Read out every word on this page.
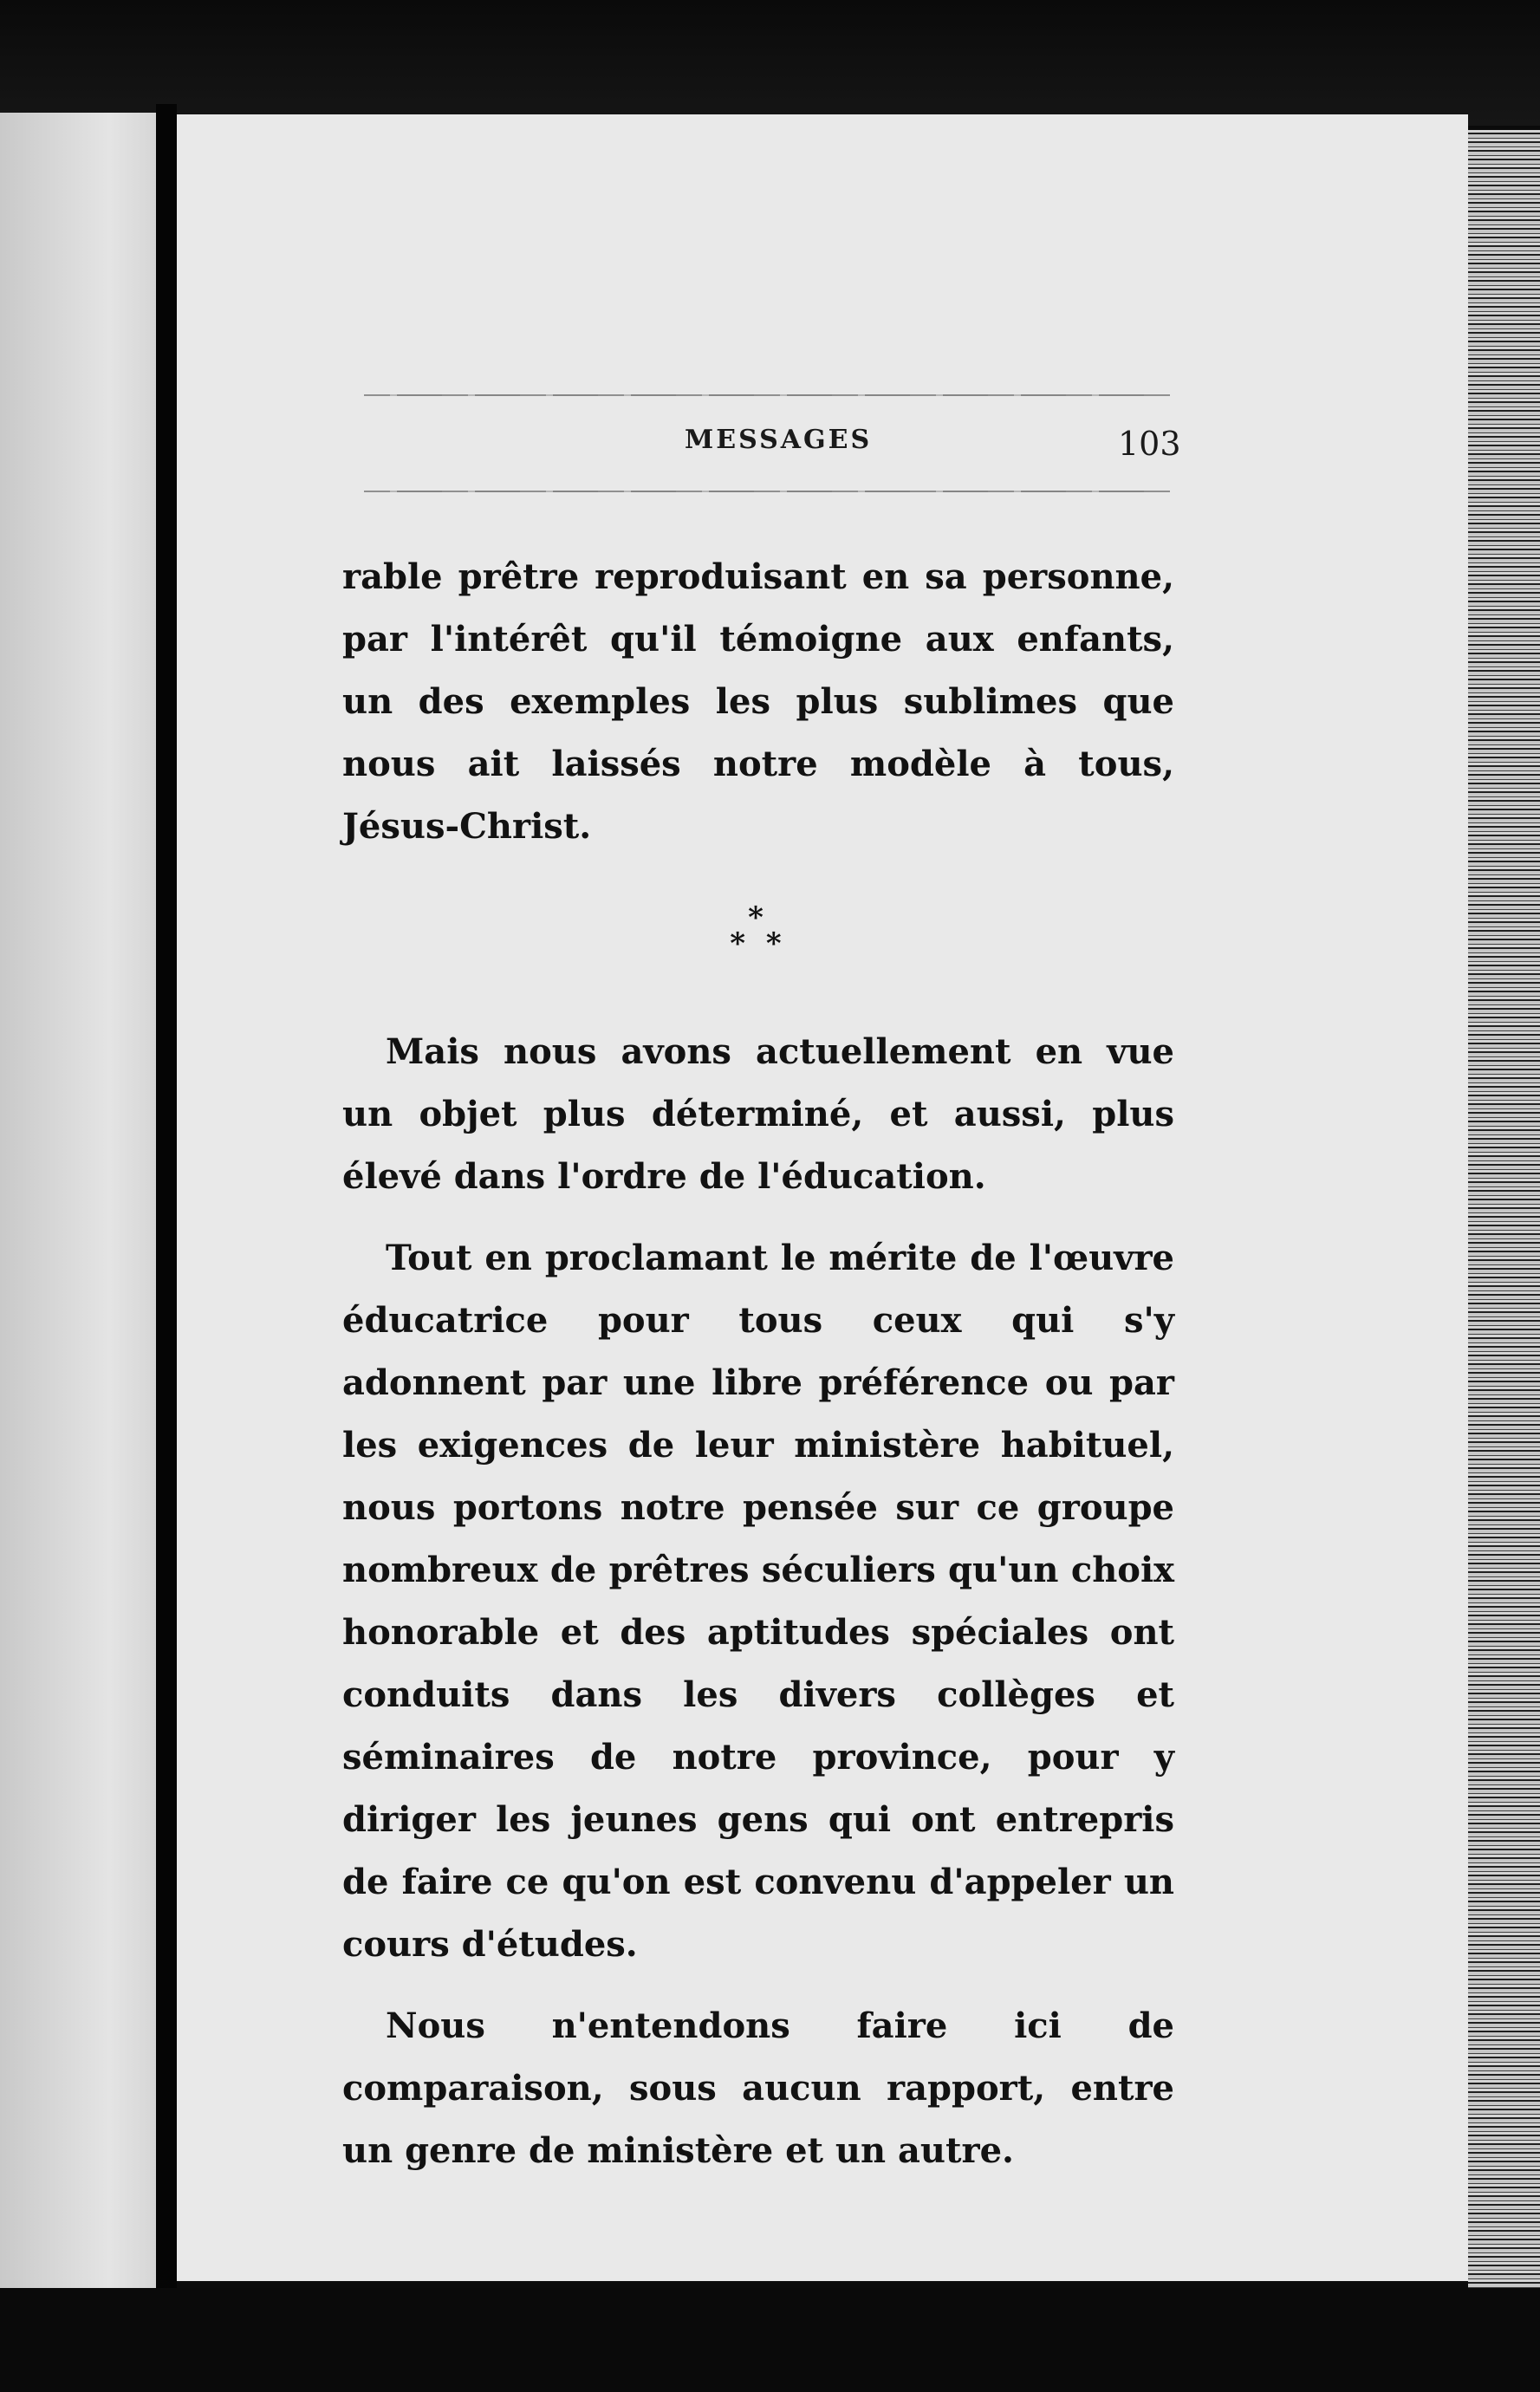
MESSAGES	103

rable prêtre reproduisant en sa personne, par l'intérêt qu'il témoigne aux enfants, un des exemples les plus sublimes que nous ait laissés notre modèle à tous, Jésus-Christ.

*
* *

Mais nous avons actuellement en vue un objet plus déterminé, et aussi, plus élevé dans l'ordre de l'éducation.

Tout en proclamant le mérite de l'œuvre éducatrice pour tous ceux qui s'y adonnent par une libre préférence ou par les exigences de leur ministère habituel, nous portons notre pensée sur ce groupe nombreux de prêtres séculiers qu'un choix honorable et des aptitudes spéciales ont conduits dans les divers collèges et séminaires de notre province, pour y diriger les jeunes gens qui ont entrepris de faire ce qu'on est convenu d'appeler un cours d'études.

Nous n'entendons faire ici de comparaison, sous aucun rapport, entre un genre de ministère et un autre.
